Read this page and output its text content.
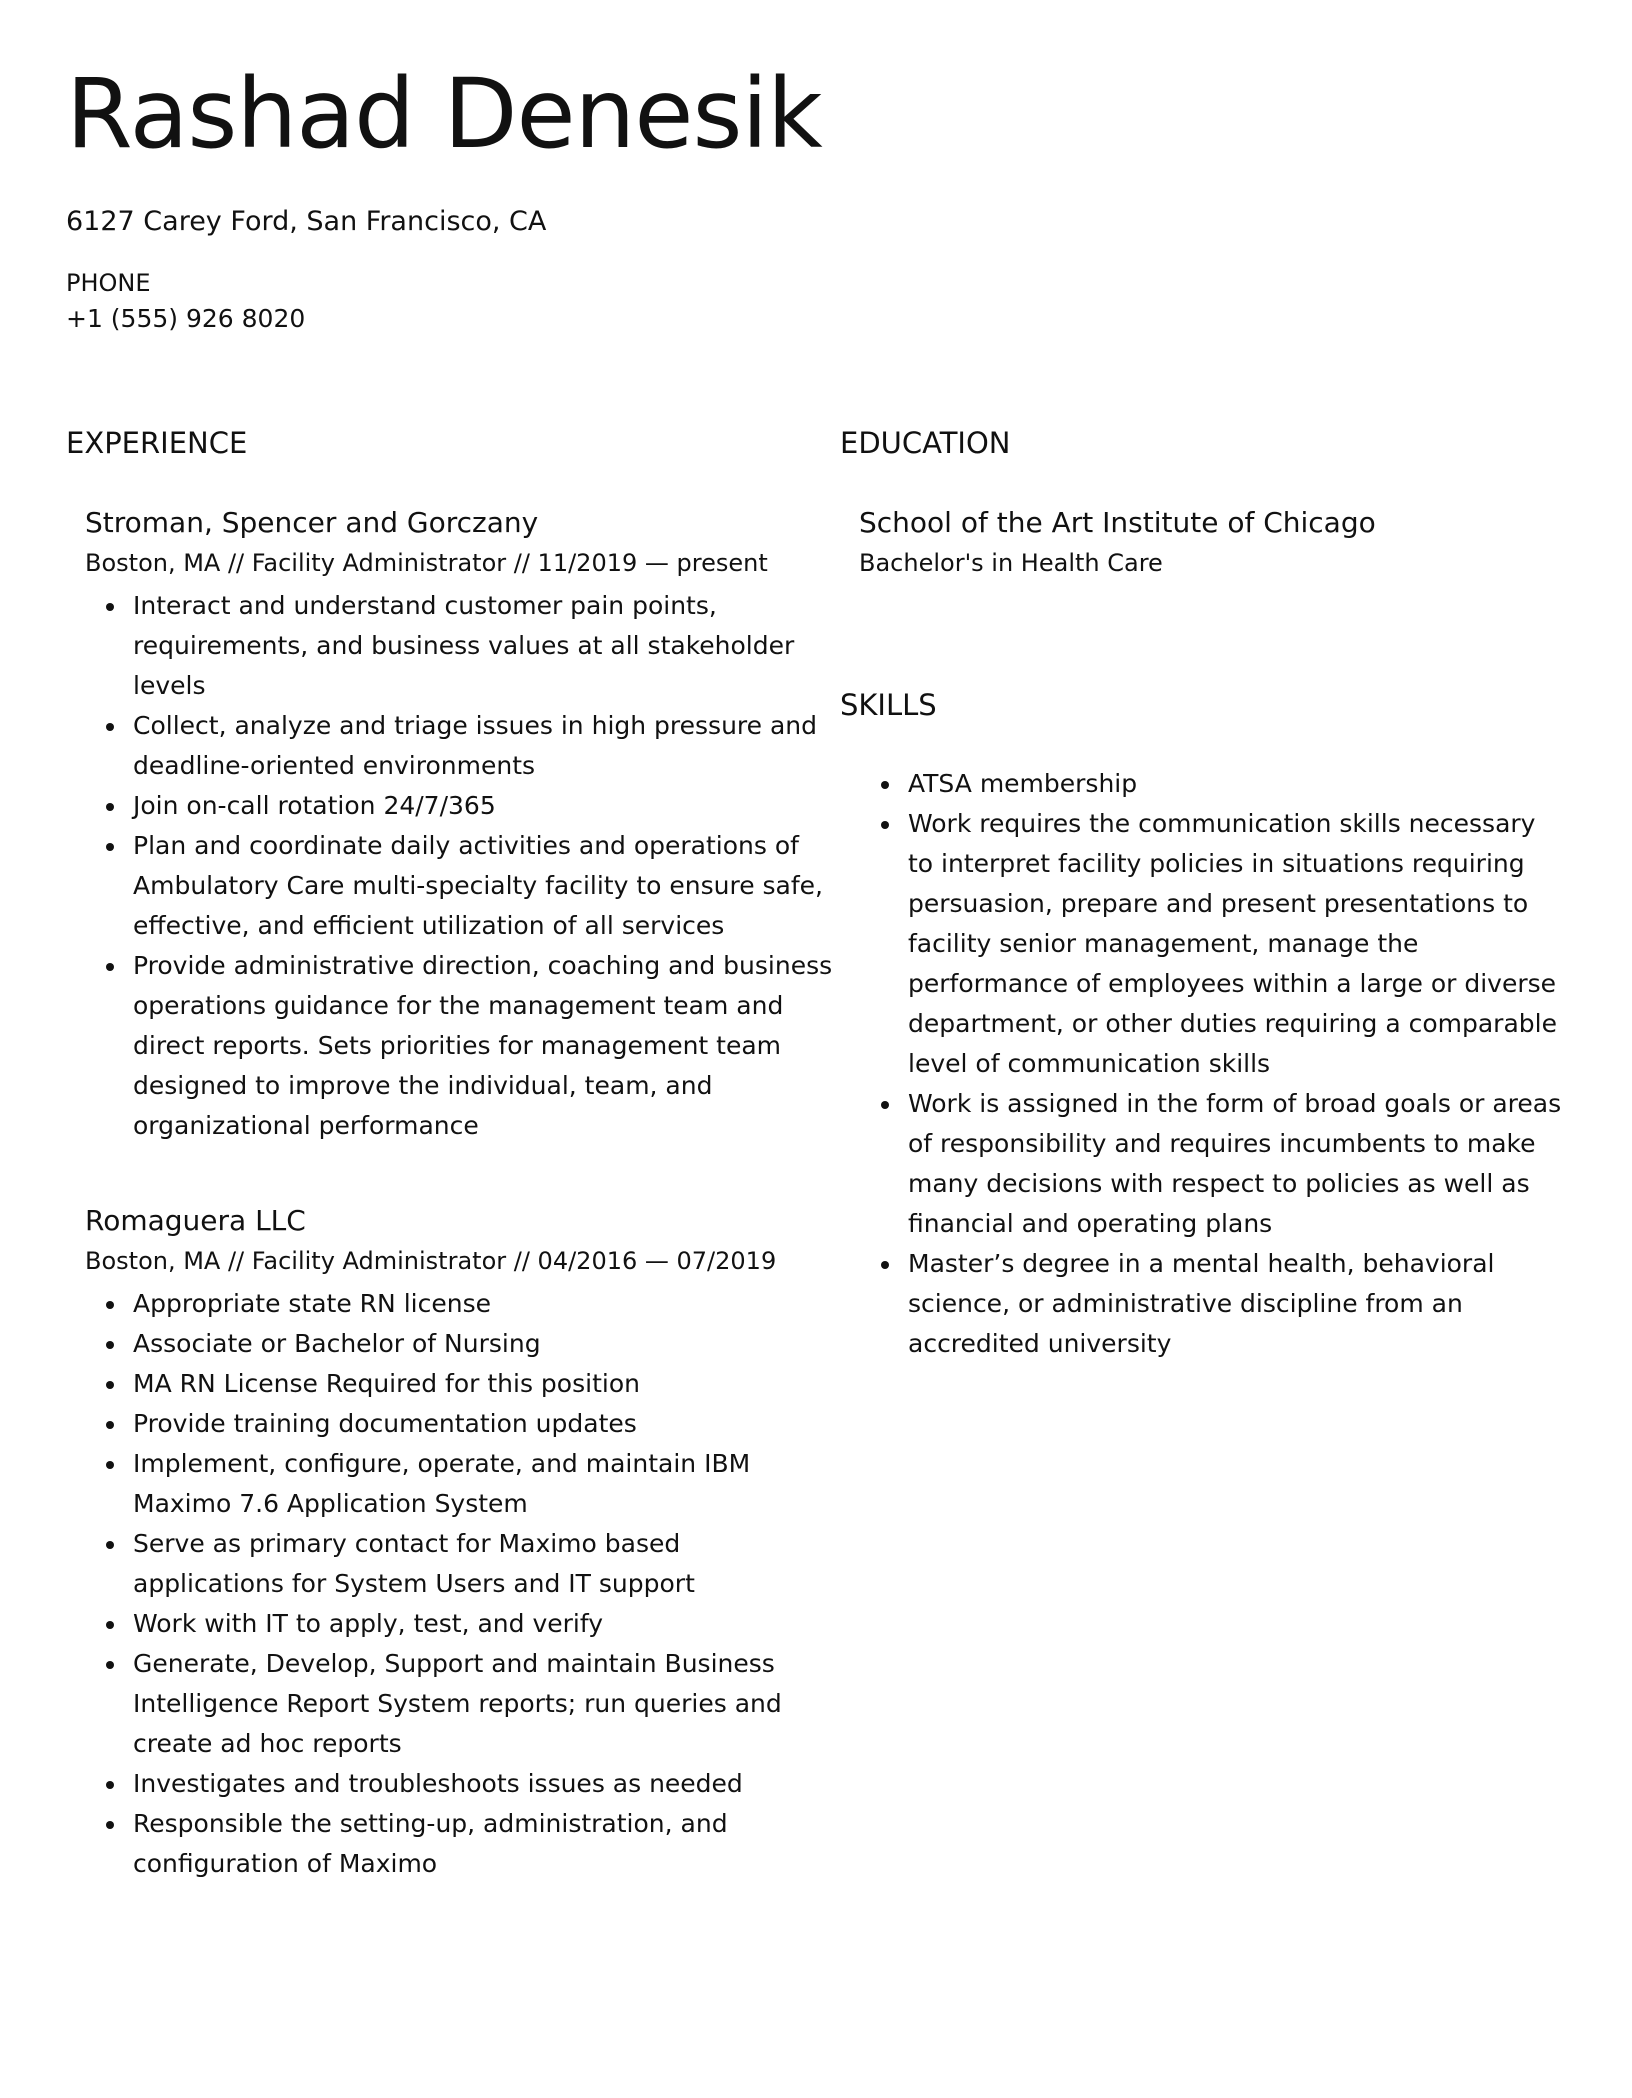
Rashad Denesik

6127 Carey Ford, San Francisco, CA

PHONE

+1 (555) 926 8020

EXPERIENCE

Stroman, Spencer and Gorczany

Boston, MA // Facility Administrator // 11/2019 — present

Interact and understand customer pain points, requirements, and business values at all stakeholder levels
Collect, analyze and triage issues in high pressure and deadline-oriented environments
Join on-call rotation 24/7/365
Plan and coordinate daily activities and operations of Ambulatory Care multi-specialty facility to ensure safe, effective, and efficient utilization of all services
Provide administrative direction, coaching and business operations guidance for the management team and direct reports. Sets priorities for management team designed to improve the individual, team, and organizational performance

Romaguera LLC

Boston, MA // Facility Administrator // 04/2016 — 07/2019

Appropriate state RN license
Associate or Bachelor of Nursing
MA RN License Required for this position
Provide training documentation updates
Implement, configure, operate, and maintain IBM Maximo 7.6 Application System
Serve as primary contact for Maximo based applications for System Users and IT support
Work with IT to apply, test, and verify
Generate, Develop, Support and maintain Business Intelligence Report System reports; run queries and create ad hoc reports
Investigates and troubleshoots issues as needed
Responsible the setting-up, administration, and configuration of Maximo
EDUCATION

School of the Art Institute of Chicago

Bachelor's in Health Care

SKILLS
ATSA membership
Work requires the communication skills necessary to interpret facility policies in situations requiring persuasion, prepare and present presentations to facility senior management, manage the performance of employees within a large or diverse department, or other duties requiring a comparable level of communication skills
Work is assigned in the form of broad goals or areas of responsibility and requires incumbents to make many decisions with respect to policies as well as financial and operating plans
Master’s degree in a mental health, behavioral science, or administrative discipline from an accredited university
